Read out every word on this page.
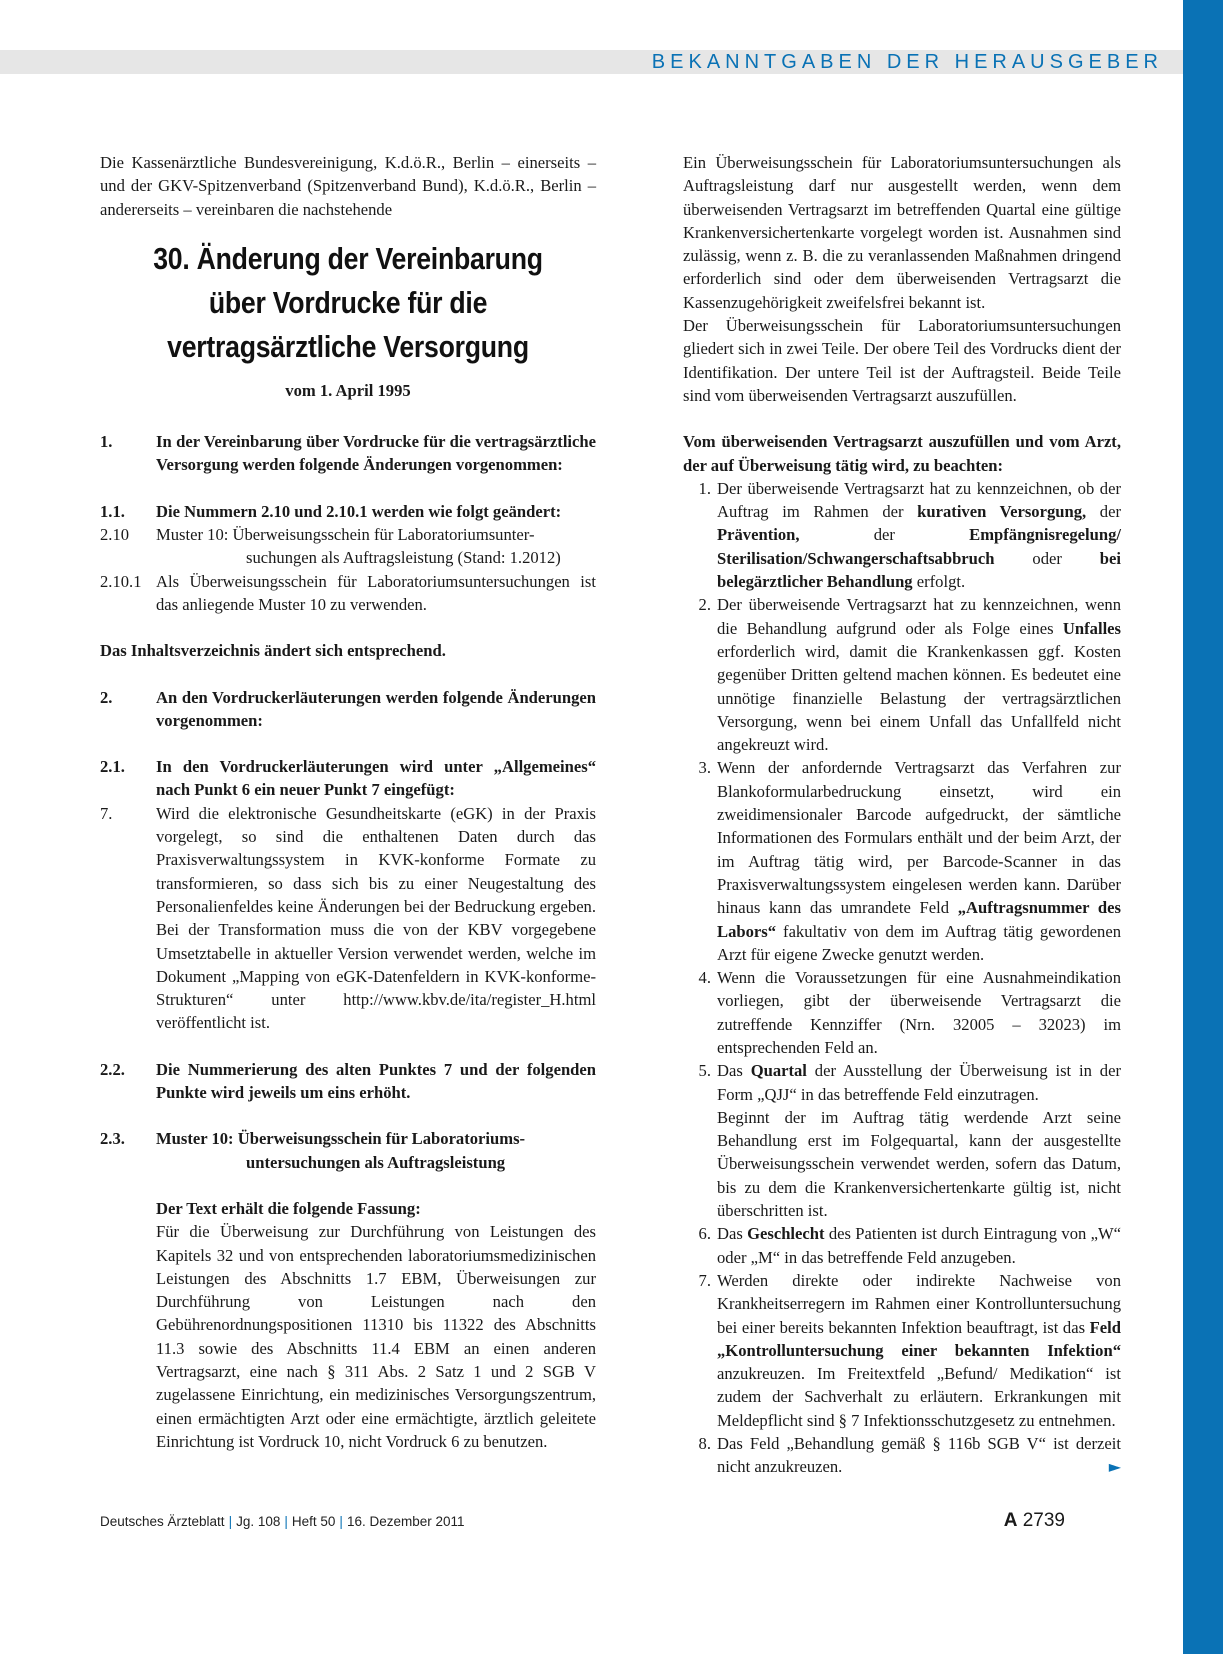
BEKANNTGABEN DER HERAUSGEBER

Die Kassenärztliche Bundesvereinigung, K.d.ö.R., Berlin – einerseits – und der GKV-Spitzenverband (Spitzenverband Bund), K.d.ö.R., Berlin – andererseits – vereinbaren die nachstehende

30. Änderung der Vereinbarung
über Vordrucke für die
vertragsärztliche Versorgung
vom 1. April 1995
1.	In der Vereinbarung über Vordrucke für die vertragsärztliche Versorgung werden folgende Änderungen vorgenommen:
1.1.	Die Nummern 2.10 und 2.10.1 werden wie folgt geändert:
2.10	Muster 10: Überweisungsschein für Laboratoriumsunter-
suchungen als Auftragsleistung (Stand: 1.2012)
2.10.1 Als Überweisungsschein für Laboratoriumsuntersuchungen ist das anliegende Muster 10 zu verwenden.

Das Inhaltsverzeichnis ändert sich entsprechend.

2.	An den Vordruckerläuterungen werden folgende Änderungen vorgenommen:
2.1.	In den Vordruckerläuterungen wird unter „Allgemeines“ nach Punkt 6 ein neuer Punkt 7 eingefügt:
7.	Wird die elektronische Gesundheitskarte (eGK) in der Praxis vorgelegt, so sind die enthaltenen Daten durch das Praxisverwaltungssystem in KVK-konforme Formate zu transformieren, so dass sich bis zu einer Neugestaltung des Personalienfeldes keine Änderungen bei der Bedruckung ergeben. Bei der Transformation muss die von der KBV vorgegebene Umsetztabelle in aktueller Version verwendet werden, welche im Dokument „Mapping von eGK-Datenfeldern in KVK-konforme-Strukturen“ unter http://www.kbv.de/ita/register_H.html veröffentlicht ist.
2.2.	Die Nummerierung des alten Punktes 7 und der folgenden Punkte wird jeweils um eins erhöht.
2.3.	Muster 10: Überweisungsschein für Laboratoriums-
untersuchungen als Auftragsleistung

Der Text erhält die folgende Fassung:

Für die Überweisung zur Durchführung von Leistungen des Kapitels 32 und von entsprechenden laboratoriumsmedizinischen Leistungen des Abschnitts 1.7 EBM, Überweisungen zur Durchführung von Leistungen nach den Gebührenordnungspositionen 11310 bis 11322 des Abschnitts 11.3 sowie des Abschnitts 11.4 EBM an einen anderen Vertragsarzt, eine nach § 311 Abs. 2 Satz 1 und 2 SGB V zugelassene Einrichtung, ein medizinisches Versorgungszentrum, einen ermächtigten Arzt oder eine ermächtigte, ärztlich geleitete Einrichtung ist Vordruck 10, nicht Vordruck 6 zu benutzen.

Ein Überweisungsschein für Laboratoriumsuntersuchungen als Auftragsleistung darf nur ausgestellt werden, wenn dem überweisenden Vertragsarzt im betreffenden Quartal eine gültige Krankenversichertenkarte vorgelegt worden ist. Ausnahmen sind zulässig, wenn z. B. die zu veranlassenden Maßnahmen dringend erforderlich sind oder dem überweisenden Vertragsarzt die Kassenzugehörigkeit zweifelsfrei bekannt ist.

Der Überweisungsschein für Laboratoriumsuntersuchungen gliedert sich in zwei Teile. Der obere Teil des Vordrucks dient der Identifikation. Der untere Teil ist der Auftragsteil. Beide Teile sind vom überweisenden Vertragsarzt auszufüllen.

Vom überweisenden Vertragsarzt auszufüllen und vom Arzt, der auf Überweisung tätig wird, zu beachten:

1. Der überweisende Vertragsarzt hat zu kennzeichnen, ob der Auftrag im Rahmen der kurativen Versorgung, der Prävention, der Empfängnisregelung/ Sterilisation/Schwangerschaftsabbruch oder bei belegärztlicher Behandlung erfolgt.
2. Der überweisende Vertragsarzt hat zu kennzeichnen, wenn die Behandlung aufgrund oder als Folge eines Unfalles erforderlich wird, damit die Krankenkassen ggf. Kosten gegenüber Dritten geltend machen können. Es bedeutet eine unnötige finanzielle Belastung der vertragsärztlichen Versorgung, wenn bei einem Unfall das Unfallfeld nicht angekreuzt wird.
3. Wenn der anfordernde Vertragsarzt das Verfahren zur Blankoformularbedruckung einsetzt, wird ein zweidimensionaler Barcode aufgedruckt, der sämtliche Informationen des Formulars enthält und der beim Arzt, der im Auftrag tätig wird, per Barcode-Scanner in das Praxisverwaltungssystem eingelesen werden kann. Darüber hinaus kann das umrandete Feld „Auftragsnummer des Labors“ fakultativ von dem im Auftrag tätig gewordenen Arzt für eigene Zwecke genutzt werden.
4. Wenn die Voraussetzungen für eine Ausnahmeindikation vorliegen, gibt der überweisende Vertragsarzt die zutreffende Kennziffer (Nrn. 32005 – 32023) im entsprechenden Feld an.
5. Das Quartal der Ausstellung der Überweisung ist in der Form „QJJ“ in das betreffende Feld einzutragen.
Beginnt der im Auftrag tätig werdende Arzt seine Behandlung erst im Folgequartal, kann der ausgestellte Überweisungsschein verwendet werden, sofern das Datum, bis zu dem die Krankenversichertenkarte gültig ist, nicht überschritten ist.
6. Das Geschlecht des Patienten ist durch Eintragung von „W“ oder „M“ in das betreffende Feld anzugeben.
7. Werden direkte oder indirekte Nachweise von Krankheitserregern im Rahmen einer Kontrolluntersuchung bei einer bereits bekannten Infektion beauftragt, ist das Feld „Kontrolluntersuchung einer bekannten Infektion“ anzukreuzen. Im Freitextfeld „Befund/ Medikation“ ist zudem der Sachverhalt zu erläutern. Erkrankungen mit Meldepflicht sind § 7 Infektionsschutzgesetz zu entnehmen.
8. Das Feld „Behandlung gemäß § 116b SGB V“ ist derzeit nicht anzukreuzen.	►
Deutsches Ärzteblatt | Jg. 108 | Heft 50 | 16. Dezember 2011	A 2739
